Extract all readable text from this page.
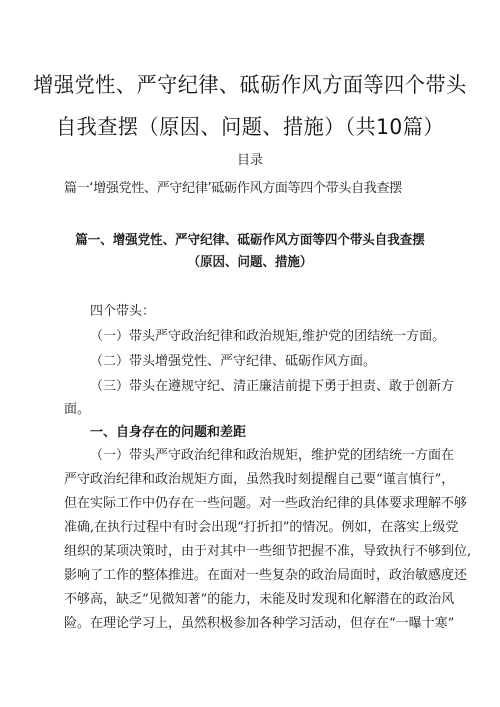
增强党性、严守纪律、砥砺作风方面等四个带头
自我查摆（原因、问题、措施）（共10篇）
目录
篇一‘增强党性、严守纪律’砥砺作风方面等四个带头自我查摆
篇一、增强党性、严守纪律、砥砺作风方面等四个带头自我查摆
（原因、问题、措施）
四个带头：
（一）带头严守政治纪律和政治规矩,维护党的团结统一方面。
（二）带头增强党性、严守纪律、砥砺作风方面。
（三）带头在遵规守纪、清正廉洁前提下勇于担责、敢于创新方
面。
一、自身存在的问题和差距
（一）带头严守政治纪律和政治规矩，维护党的团结统一方面在
严守政治纪律和政治规矩方面，虽然我时刻提醒自己要“谨言慎行”，
但在实际工作中仍存在一些问题。对一些政治纪律的具体要求理解不够
准确,在执行过程中有时会出现“打折扣”的情况。例如，在落实上级党
组织的某项决策时，由于对其中一些细节把握不准，导致执行不够到位,
影响了工作的整体推进。在面对一些复杂的政治局面时，政治敏感度还
不够高，缺乏“见微知著”的能力，未能及时发现和化解潜在的政治风
险。在理论学习上，虽然积极参加各种学习活动，但存在“一曝十寒”
